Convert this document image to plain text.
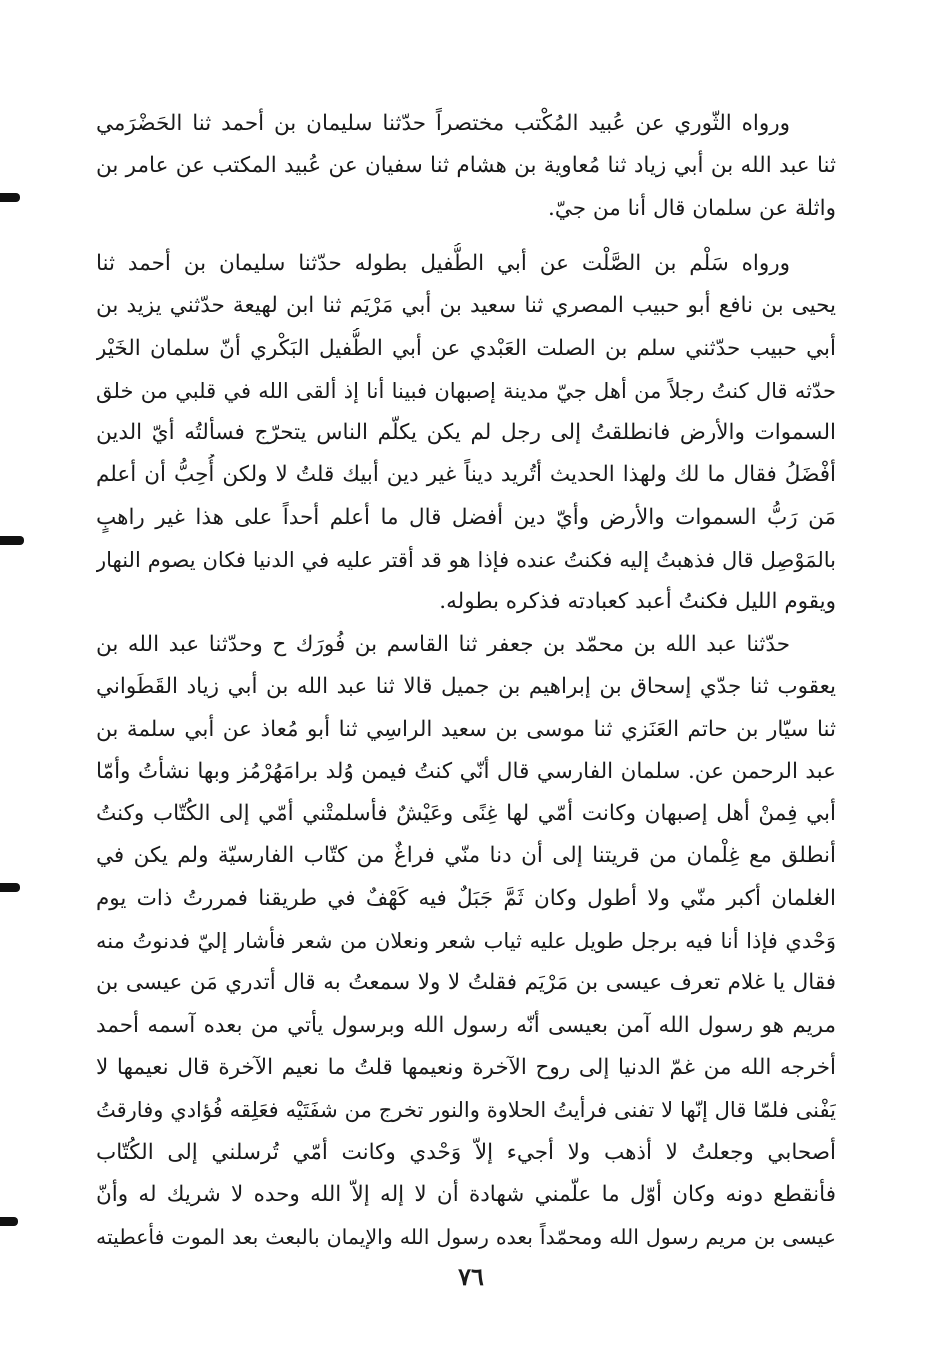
ورواه الثّوري عن عُبيد المُكْتب مختصراً حدّثنا سليمان بن أحمد ثنا الحَضْرَمي
ثنا عبد الله بن أبي زياد ثنا مُعاوية بن هشام ثنا سفيان عن عُبيد المكتب عن عامر بن
واثلة عن سلمان قال أنا من جيّ.
ورواه سَلْم بن الصَّلْت عن أبي الطُّفيل بطوله حدّثنا سليمان بن أحمد ثنا
يحيى بن نافع أبو حبيب المصري ثنا سعيد بن أبي مَرْيَم ثنا ابن لهيعة حدّثني يزيد بن
أبي حبيب حدّثني سلم بن الصلت العَبْدي عن أبي الطُّفيل البَكْري أنّ سلمان الخَيْر
حدّثه قال كنتُ رجلاً من أهل جيّ مدينة إصبهان فبينا أنا إذ ألقى الله في قلبي من خلق
السموات والأرض فانطلقتُ إلى رجل لم يكن يكلّم الناس يتحرّج فسألتُه أيّ الدين
أفْضَلُ فقال ما لك ولهذا الحديث أتُريد ديناً غير دين أبيك قلتُ لا ولكن أُحِبُّ أن أعلم
مَن رَبُّ السموات والأرض وأيّ دين أفضل قال ما أعلم أحداً على هذا غير راهبٍ
بالمَوْصِل قال فذهبتُ إليه فكنتُ عنده فإذا هو قد أقتر عليه في الدنيا فكان يصوم النهار
ويقوم الليل فكنتُ أعبد كعبادته فذكره بطوله.
حدّثنا عبد الله بن محمّد بن جعفر ثنا القاسم بن فُورَك ح وحدّثنا عبد الله بن
يعقوب ثنا جدّي إسحاق بن إبراهيم بن جميل قالا ثنا عبد الله بن أبي زياد القَطَواني
ثنا سيّار بن حاتم العَنَزي ثنا موسى بن سعيد الراسِي ثنا أبو مُعاذ عن أبي سلمة بن
عبد الرحمن عن. سلمان الفارسي قال أنّي كنتُ فيمن وُلد برامَهُرْمُز وبها نشأتُ وأمّا
أبي فِمنْ أهل إصبهان وكانت أمّي لها غِنًى وعَيْشٌ فأسلمتْني أمّي إلى الكُتّاب وكنتُ
أنطلق مع غِلْمان من قريتنا إلى أن دنا منّي فراغٌ من كتّاب الفارسيّة ولم يكن في
الغلمان أكبر منّي ولا أطول وكان ثَمَّ جَبَلٌ فيه كَهْفٌ في طريقنا فمررتُ ذات يوم
وَحْدي فإذا أنا فيه برجل طويل عليه ثياب شعر ونعلان من شعر فأشار إليّ فدنوتُ منه
فقال يا غلام تعرف عيسى بن مَرْيَم فقلتُ لا ولا سمعتُ به قال أتدري مَن عيسى بن
مريم هو رسول الله آمن بعيسى أنّه رسول الله وبرسول يأتي من بعده آسمه أحمد
أخرجه الله من غمّ الدنيا إلى روح الآخرة ونعيمها قلتُ ما نعيم الآخرة قال نعيمها لا
يَفْنى فلمّا قال إنّها لا تفنى فرأيتُ الحلاوة والنور تخرج من شفَتَيْه فعَلِقه فُؤادي وفارقتُ
أصحابي وجعلتُ لا أذهب ولا أجيء إلاّ وَحْدي وكانت أمّي تُرسلني إلى الكُتّاب
فأنقطع دونه وكان أوّل ما علّمني شهادة أن لا إله إلاّ الله وحده لا شريك له وأنّ
عيسى بن مريم رسول الله ومحمّداً بعده رسول الله والإيمان بالبعث بعد الموت فأعطيته
٧٦
